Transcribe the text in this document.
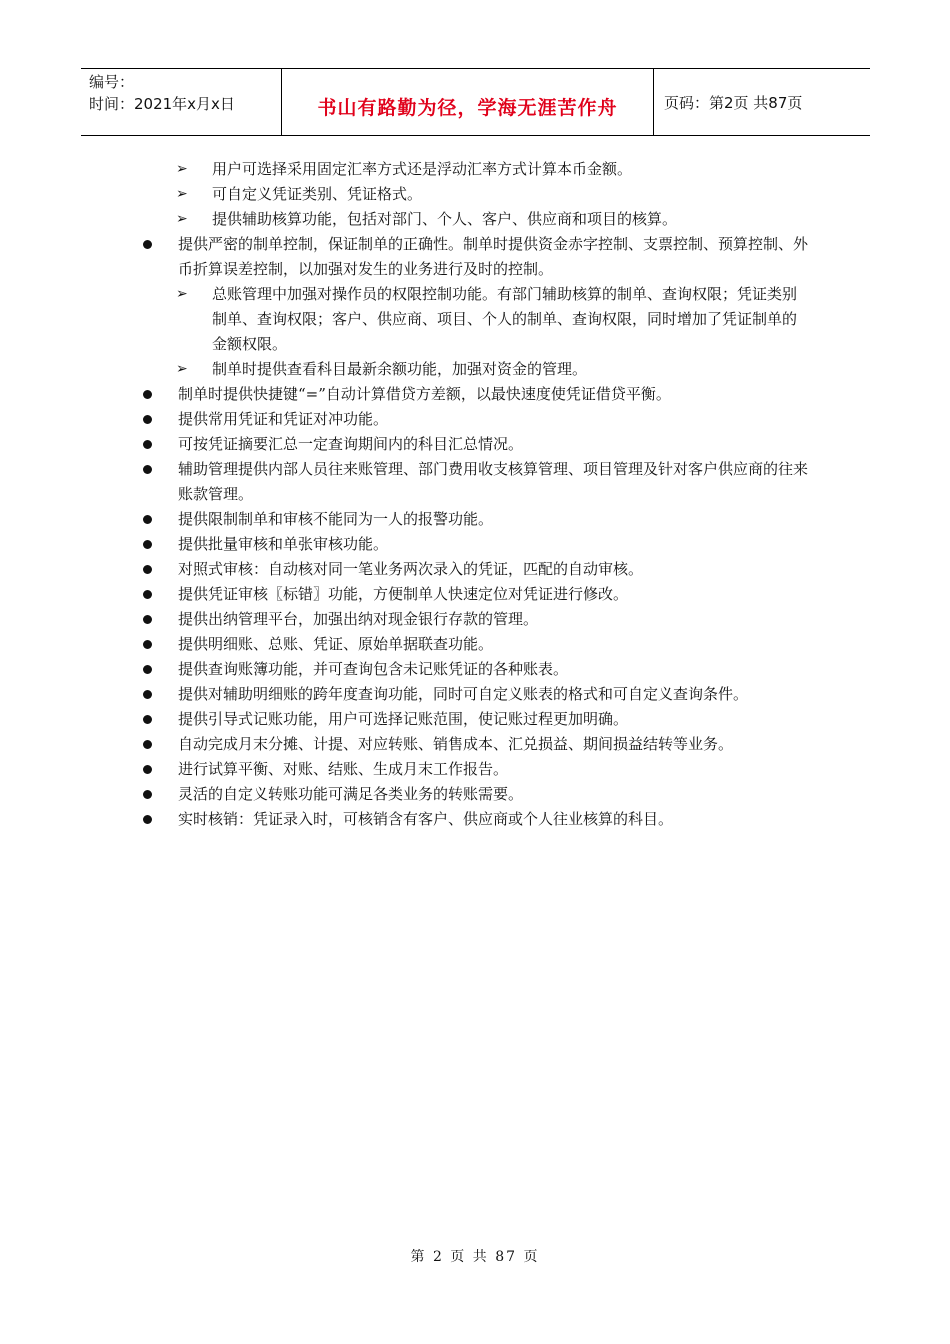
编号：
时间：2021年x月x日	书山有路勤为径，学海无涯苦作舟	页码：第2页 共87页
➢ 用户可选择采用固定汇率方式还是浮动汇率方式计算本币金额。
➢ 可自定义凭证类别、凭证格式。
➢ 提供辅助核算功能，包括对部门、个人、客户、供应商和项目的核算。
提供严密的制单控制，保证制单的正确性。制单时提供资金赤字控制、支票控制、预算控制、外币折算误差控制，以加强对发生的业务进行及时的控制。
➢ 总账管理中加强对操作员的权限控制功能。有部门辅助核算的制单、查询权限；凭证类别制单、查询权限；客户、供应商、项目、个人的制单、查询权限，同时增加了凭证制单的金额权限。
➢ 制单时提供查看科目最新余额功能，加强对资金的管理。
制单时提供快捷键“=”自动计算借贷方差额，以最快速度使凭证借贷平衡。
提供常用凭证和凭证对冲功能。
可按凭证摘要汇总一定查询期间内的科目汇总情况。
辅助管理提供内部人员往来账管理、部门费用收支核算管理、项目管理及针对客户供应商的往来账款管理。
提供限制制单和审核不能同为一人的报警功能。
提供批量审核和单张审核功能。
对照式审核：自动核对同一笔业务两次录入的凭证，匹配的自动审核。
提供凭证审核〖标错〗功能，方便制单人快速定位对凭证进行修改。
提供出纳管理平台，加强出纳对现金银行存款的管理。
提供明细账、总账、凭证、原始单据联查功能。
提供查询账簿功能，并可查询包含未记账凭证的各种账表。
提供对辅助明细账的跨年度查询功能，同时可自定义账表的格式和可自定义查询条件。
提供引导式记账功能，用户可选择记账范围，使记账过程更加明确。
自动完成月末分摊、计提、对应转账、销售成本、汇兑损益、期间损益结转等业务。
进行试算平衡、对账、结账、生成月末工作报告。
灵活的自定义转账功能可满足各类业务的转账需要。
实时核销：凭证录入时，可核销含有客户、供应商或个人往业核算的科目。
第 2 页 共 87 页
